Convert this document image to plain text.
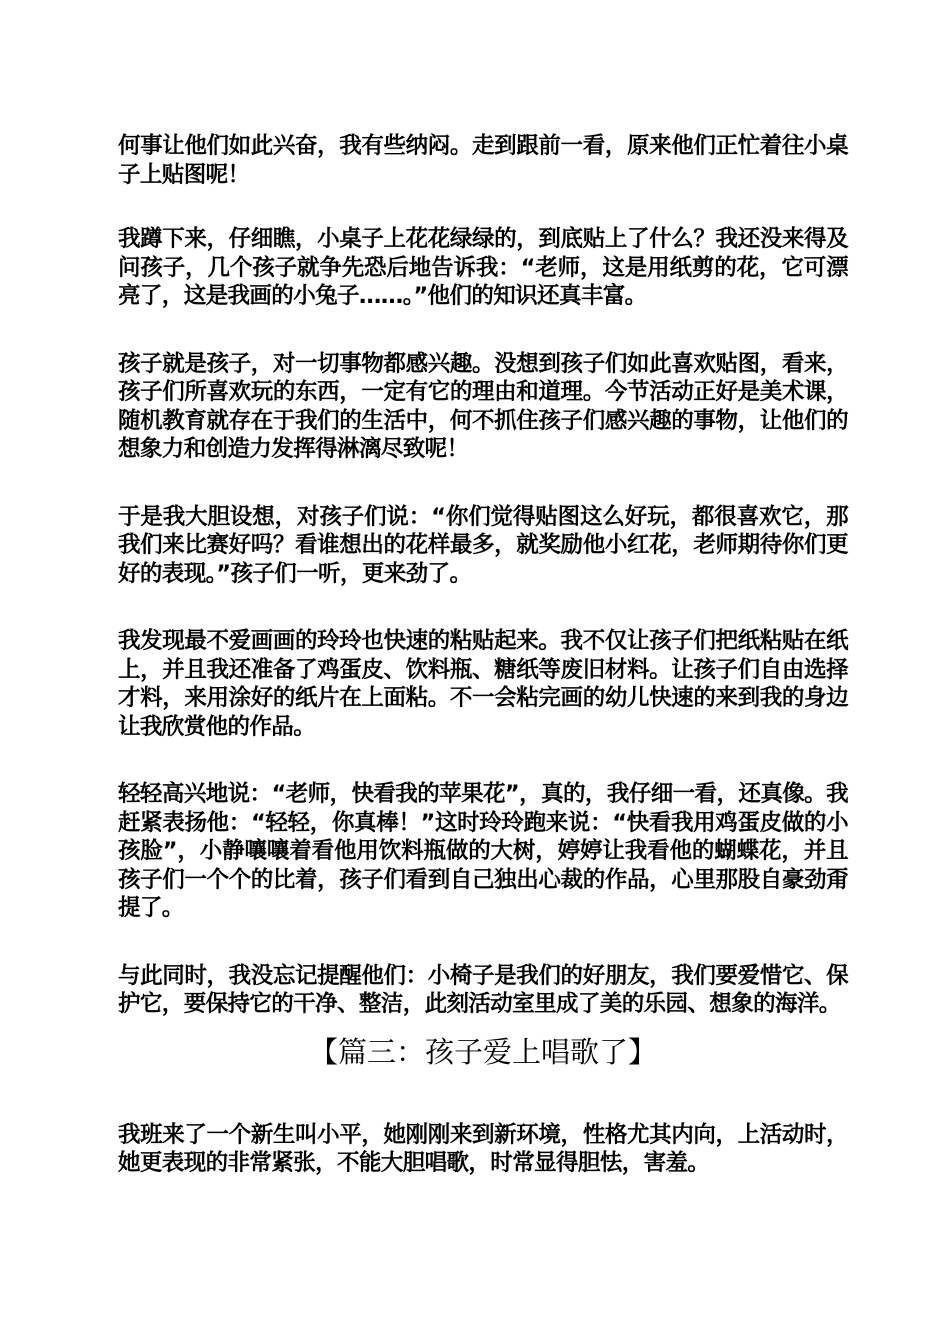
何事让他们如此兴奋，我有些纳闷。走到跟前一看，原来他们正忙着往小桌子上贴图呢！

我蹲下来，仔细瞧，小桌子上花花绿绿的，到底贴上了什么？我还没来得及问孩子，几个孩子就争先恐后地告诉我：“老师，这是用纸剪的花，它可漂亮了，这是我画的小兔子……。”他们的知识还真丰富。

孩子就是孩子，对一切事物都感兴趣。没想到孩子们如此喜欢贴图，看来，孩子们所喜欢玩的东西，一定有它的理由和道理。今节活动正好是美术课，随机教育就存在于我们的生活中，何不抓住孩子们感兴趣的事物，让他们的想象力和创造力发挥得淋漓尽致呢！

于是我大胆设想，对孩子们说：“你们觉得贴图这么好玩，都很喜欢它，那我们来比赛好吗？看谁想出的花样最多，就奖励他小红花，老师期待你们更好的表现。”孩子们一听，更来劲了。

我发现最不爱画画的玲玲也快速的粘贴起来。我不仅让孩子们把纸粘贴在纸上，并且我还准备了鸡蛋皮、饮料瓶、糖纸等废旧材料。让孩子们自由选择才料，来用涂好的纸片在上面粘。不一会粘完画的幼儿快速的来到我的身边让我欣赏他的作品。

轻轻高兴地说：“老师，快看我的苹果花”，真的，我仔细一看，还真像。我赶紧表扬他：“轻轻，你真棒！”这时玲玲跑来说：“快看我用鸡蛋皮做的小孩脸”，小静嚷嚷着看他用饮料瓶做的大树，婷婷让我看他的蝴蝶花，并且孩子们一个个的比着，孩子们看到自己独出心裁的作品，心里那股自豪劲甭提了。

与此同时，我没忘记提醒他们：小椅子是我们的好朋友，我们要爱惜它、保护它，要保持它的干净、整洁，此刻活动室里成了美的乐园、想象的海洋。

【篇三：孩子爱上唱歌了】

我班来了一个新生叫小平，她刚刚来到新环境，性格尤其内向，上活动时，她更表现的非常紧张，不能大胆唱歌，时常显得胆怯，害羞。
